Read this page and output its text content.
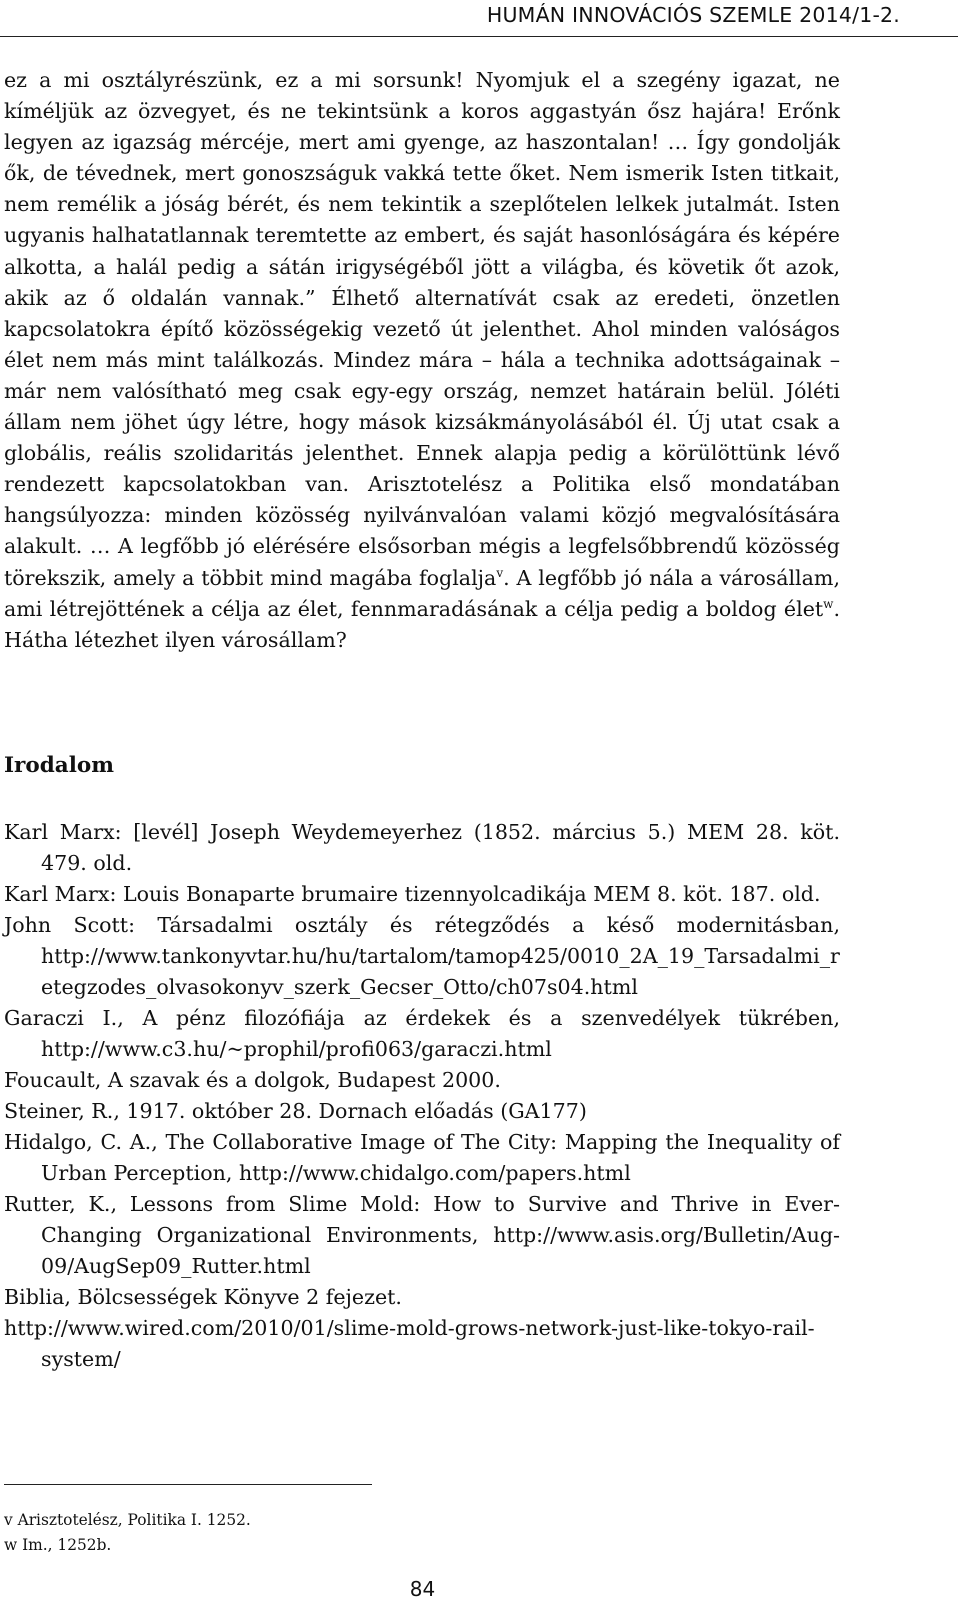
HUMÁN INNOVÁCIÓS SZEMLE 2014/1-2.

ez a mi osztályrészünk, ez a mi sorsunk! Nyomjuk el a szegény igazat, ne kíméljük az özvegyet, és ne tekintsünk a koros aggastyán ősz hajára! Erőnk legyen az igazság mércéje, mert ami gyenge, az haszontalan! … Így gondolják ők, de tévednek, mert gonoszságuk vakká tette őket. Nem ismerik Isten titkait, nem remélik a jóság bérét, és nem tekintik a szeplőtelen lelkek jutalmát. Isten ugyanis halhatatlannak teremtette az embert, és saját hasonlóságára és képére alkotta, a halál pedig a sátán irigységéből jött a világba, és követik őt azok, akik az ő oldalán vannak.” Élhető alternatívát csak az eredeti, önzetlen kapcsolatokra építő közösségekig vezető út jelenthet. Ahol minden valóságos élet nem más mint találkozás. Mindez mára – hála a technika adottságainak – már nem valósítható meg csak egy-egy ország, nemzet határain belül. Jóléti állam nem jöhet úgy létre, hogy mások kizsákmányolásából él. Új utat csak a globális, reális szolidaritás jelenthet. Ennek alapja pedig a körülöttünk lévő rendezett kapcsolatokban van. Arisztotelész a Politika első mondatában hangsúlyozza: minden közösség nyilvánvalóan valami közjó megvalósítására alakult. … A legfőbb jó elérésére elsősorban mégis a legfelsőbbrendű közösség törekszik, amely a többit mind magába foglalja$^v$. A legfőbb jó nála a városállam, ami létrejöttének a célja az élet, fennmaradásának a célja pedig a boldog élet$^w$. Hátha létezhet ilyen városállam?

Irodalom
Karl Marx: [levél] Joseph Weydemeyerhez (1852. március 5.) MEM 28. köt. 479. old.
Karl Marx: Louis Bonaparte brumaire tizennyolcadikája MEM 8. köt. 187. old.
John Scott: Társadalmi osztály és rétegződés a késő modernitásban, http://www.tankonyvtar.hu/hu/tartalom/tamop425/0010_2A_19_Tarsadalmi_retegzodes_olvasokonyv_szerk_Gecser_Otto/ch07s04.html
Garaczi I., A pénz filozófiája az érdekek és a szenvedélyek tükrében, http://www.c3.hu/~prophil/profi063/garaczi.html
Foucault, A szavak és a dolgok, Budapest 2000.
Steiner, R., 1917. október 28. Dornach előadás (GA177)
Hidalgo, C. A., The Collaborative Image of The City: Mapping the Inequality of Urban Perception, http://www.chidalgo.com/papers.html
Rutter, K., Lessons from Slime Mold: How to Survive and Thrive in Ever-Changing Organizational Environments, http://www.asis.org/Bulletin/Aug-09/AugSep09_Rutter.html
Biblia, Bölcsességek Könyve 2 fejezet.
http://www.wired.com/2010/01/slime-mold-grows-network-just-like-tokyo-rail-system/
v Arisztotelész, Politika I. 1252.
w Im., 1252b.
84
